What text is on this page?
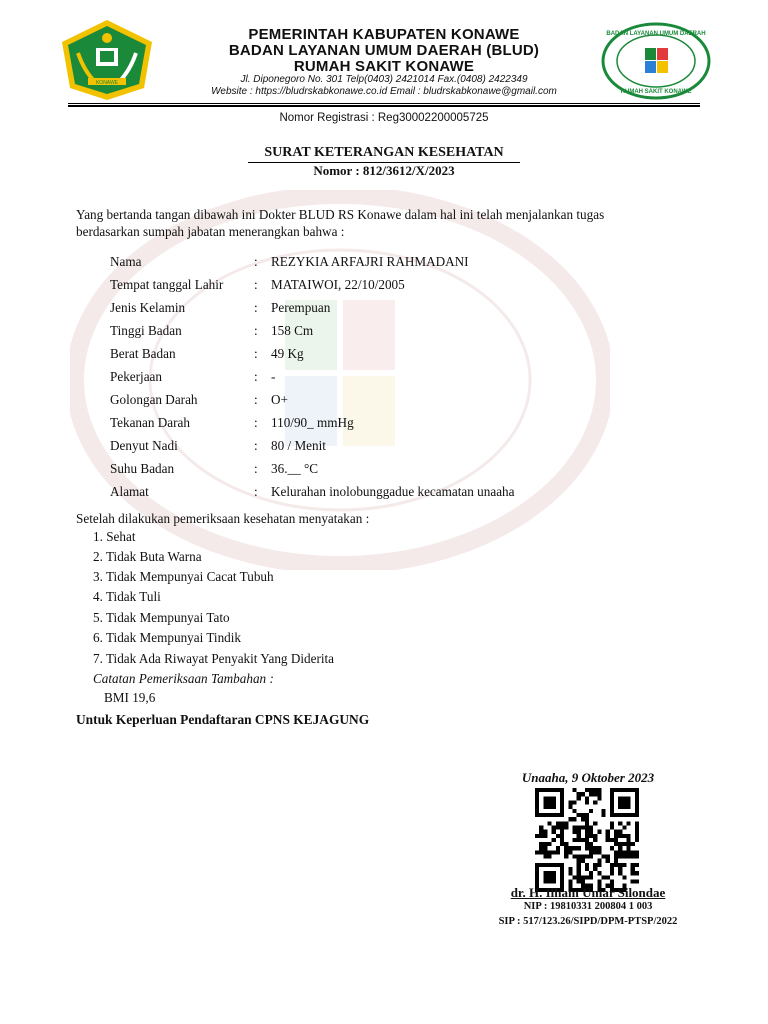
KONAWE
BADAN LAYANAN UMUM DAERAH
RUMAH SAKIT KONAWE
PEMERINTAH KABUPATEN KONAWE
BADAN LAYANAN UMUM DAERAH (BLUD)
RUMAH SAKIT KONAWE
Jl. Diponegoro No. 301 Telp(0403) 2421014 Fax.(0408) 2422349
Website : https://bludrskabkonawe.co.id Email : bludrskabkonawe@gmail.com
Nomor Registrasi : Reg30002200005725
SURAT KETERANGAN KESEHATAN
Nomor : 812/3612/X/2023
Yang bertanda tangan dibawah ini Dokter BLUD RS Konawe dalam hal ini telah menjalankan tugas
berdasarkan sumpah jabatan menerangkan bahwa :
Nama	: REZYKIA ARFAJRI RAHMADANI
Tempat tanggal Lahir	: MATAIWOI, 22/10/2005
Jenis Kelamin	: Perempuan
Tinggi Badan	: 158 Cm
Berat Badan	: 49 Kg
Pekerjaan	: -
Golongan Darah	: O+
Tekanan Darah	: 110/90_ mmHg
Denyut Nadi	: 80 / Menit
Suhu Badan	: 36.__ °C
Alamat	: Kelurahan inolobunggadue kecamatan unaaha
Setelah dilakukan pemeriksaan kesehatan menyatakan :
1. Sehat
2. Tidak Buta Warna
3. Tidak Mempunyai Cacat Tubuh
4. Tidak Tuli
5. Tidak Mempunyai Tato
6. Tidak Mempunyai Tindik
7. Tidak Ada Riwayat Penyakit Yang Diderita
Catatan Pemeriksaan Tambahan :
BMI 19,6
Untuk Keperluan Pendaftaran CPNS KEJAGUNG
Unaaha, 9 Oktober 2023
dr. H. Ilham Umar Silondae
NIP : 19810331 200804 1 003
SIP : 517/123.26/SIPD/DPM-PTSP/2022
